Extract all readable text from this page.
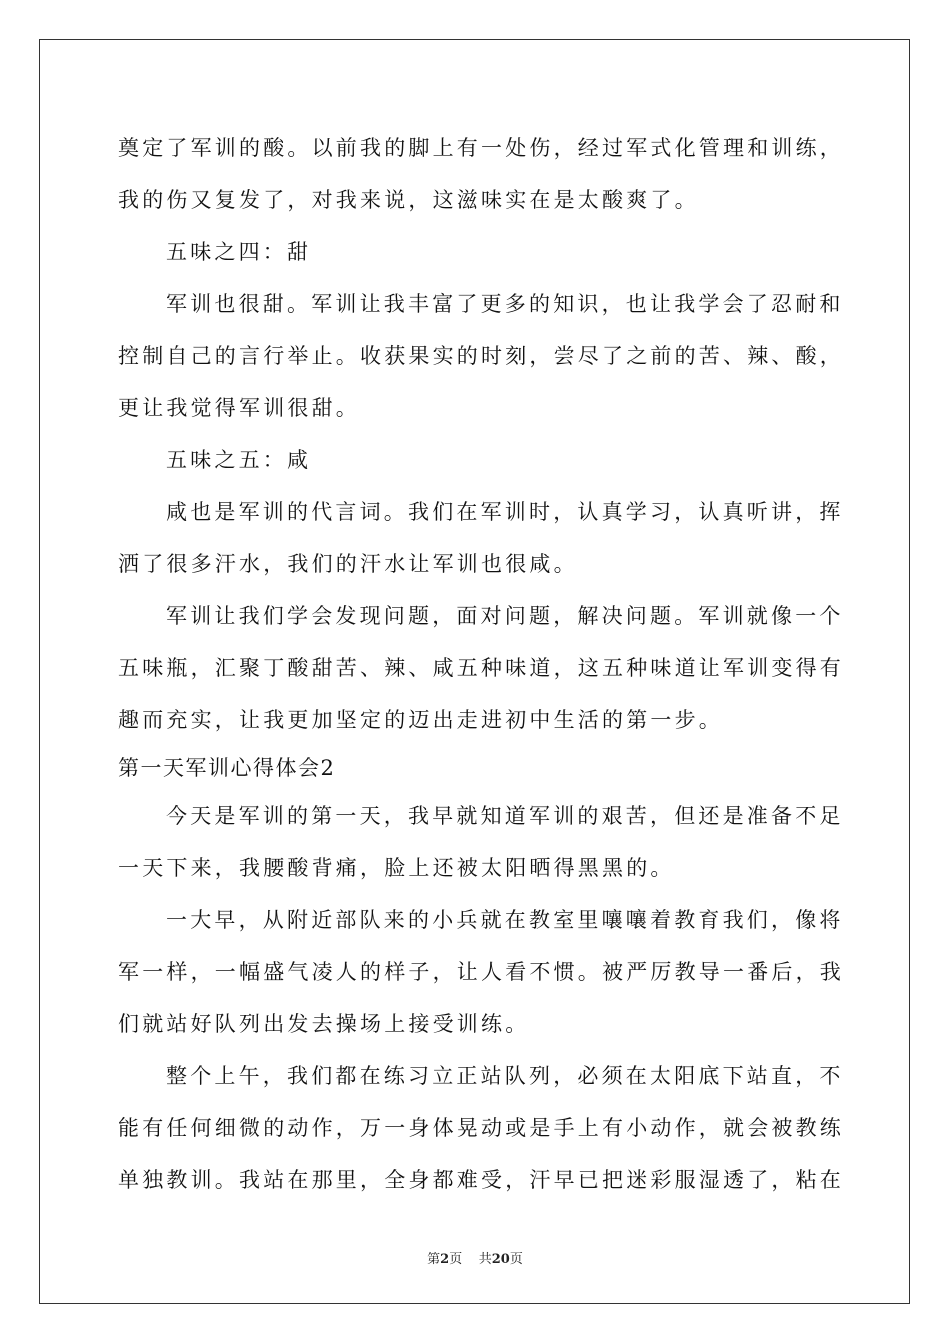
奠定了军训的酸。以前我的脚上有一处伤，经过军式化管理和训练，
我的伤又复发了，对我来说，这滋味实在是太酸爽了。
五味之四：甜
军训也很甜。军训让我丰富了更多的知识，也让我学会了忍耐和
控制自己的言行举止。收获果实的时刻，尝尽了之前的苦、辣、酸，
更让我觉得军训很甜。
五味之五：咸
咸也是军训的代言词。我们在军训时，认真学习，认真听讲，挥
洒了很多汗水，我们的汗水让军训也很咸。
军训让我们学会发现问题，面对问题，解决问题。军训就像一个
五味瓶，汇聚丁酸甜苦、辣、咸五种味道，这五种味道让军训变得有
趣而充实，让我更加坚定的迈出走进初中生活的第一步。
第一天军训心得体会2
今天是军训的第一天，我早就知道军训的艰苦，但还是准备不足
一天下来，我腰酸背痛，脸上还被太阳晒得黑黑的。
一大早，从附近部队来的小兵就在教室里嚷嚷着教育我们，像将
军一样，一幅盛气凌人的样子，让人看不惯。被严厉教导一番后，我
们就站好队列出发去操场上接受训练。
整个上午，我们都在练习立正站队列，必须在太阳底下站直，不
能有任何细微的动作，万一身体晃动或是手上有小动作，就会被教练
单独教训。我站在那里，全身都难受，汗早已把迷彩服湿透了，粘在
第2页 共20页
